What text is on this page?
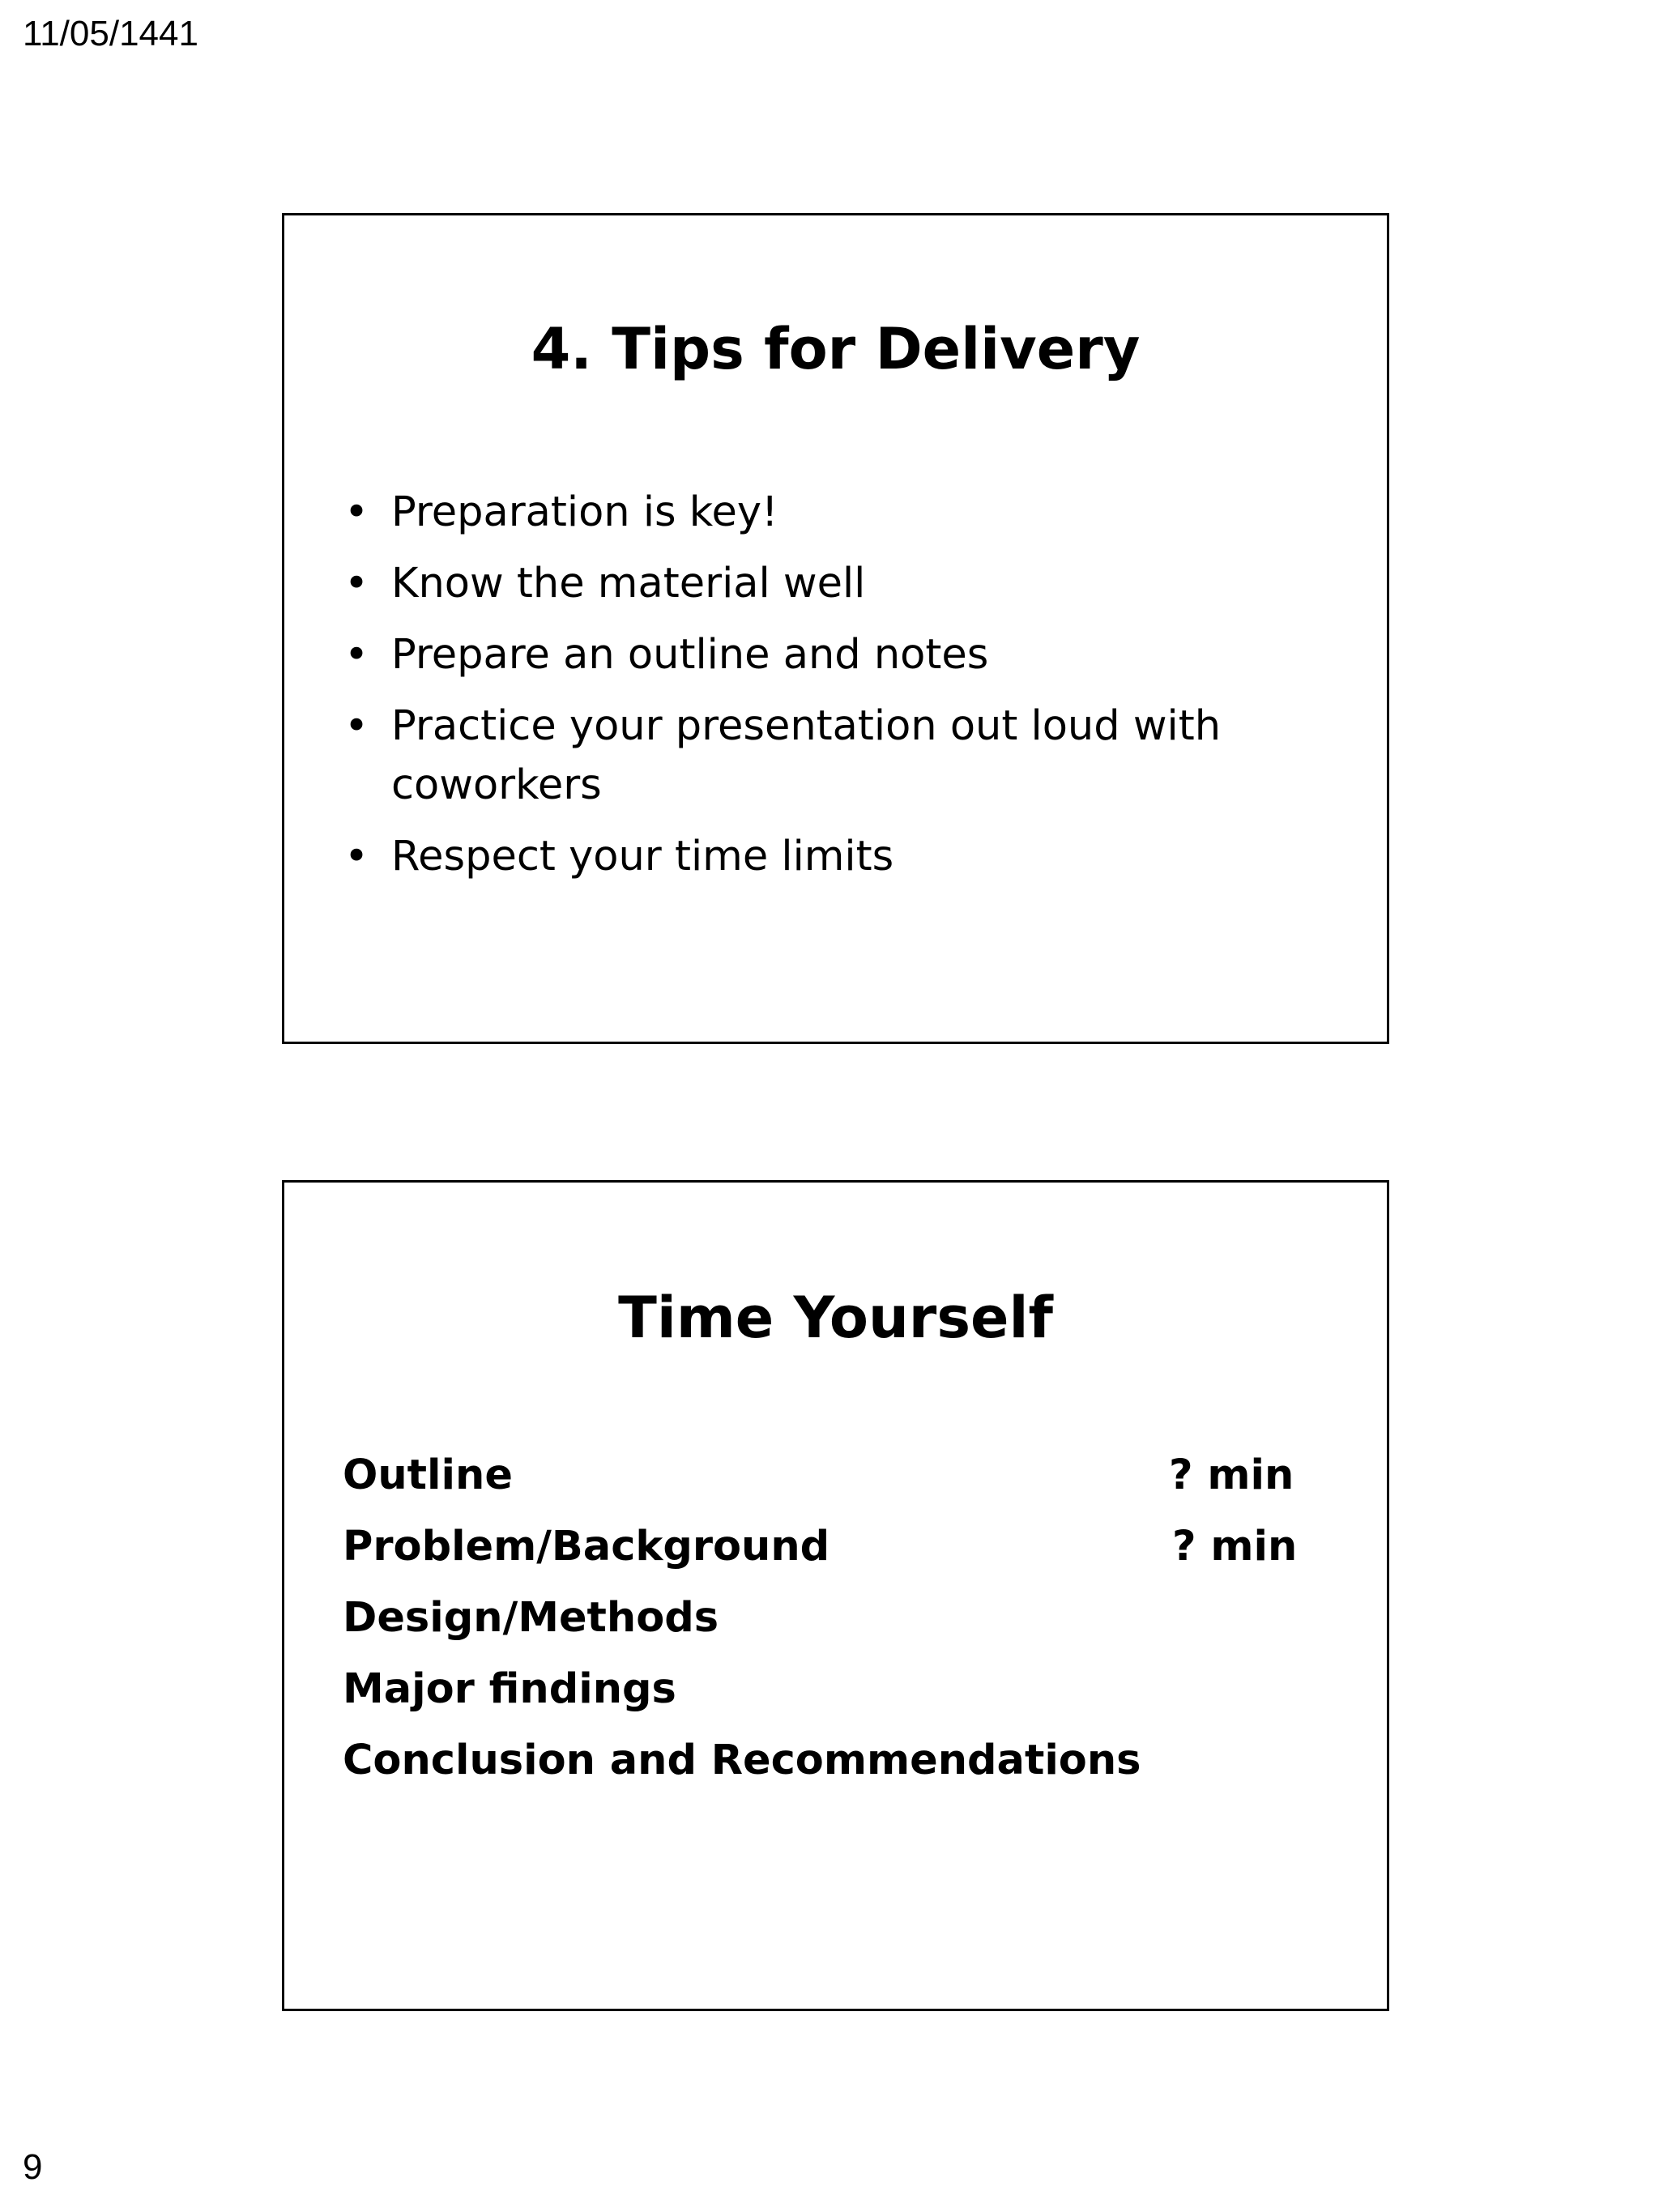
11/05/1441
4. Tips for Delivery
• Preparation is key!
• Know the material well
• Prepare an outline and notes
• Practice your presentation out loud with coworkers
• Respect your time limits
Time Yourself
Outline	? min
Problem/Background	? min
Design/Methods
Major findings
Conclusion and Recommendations
9
